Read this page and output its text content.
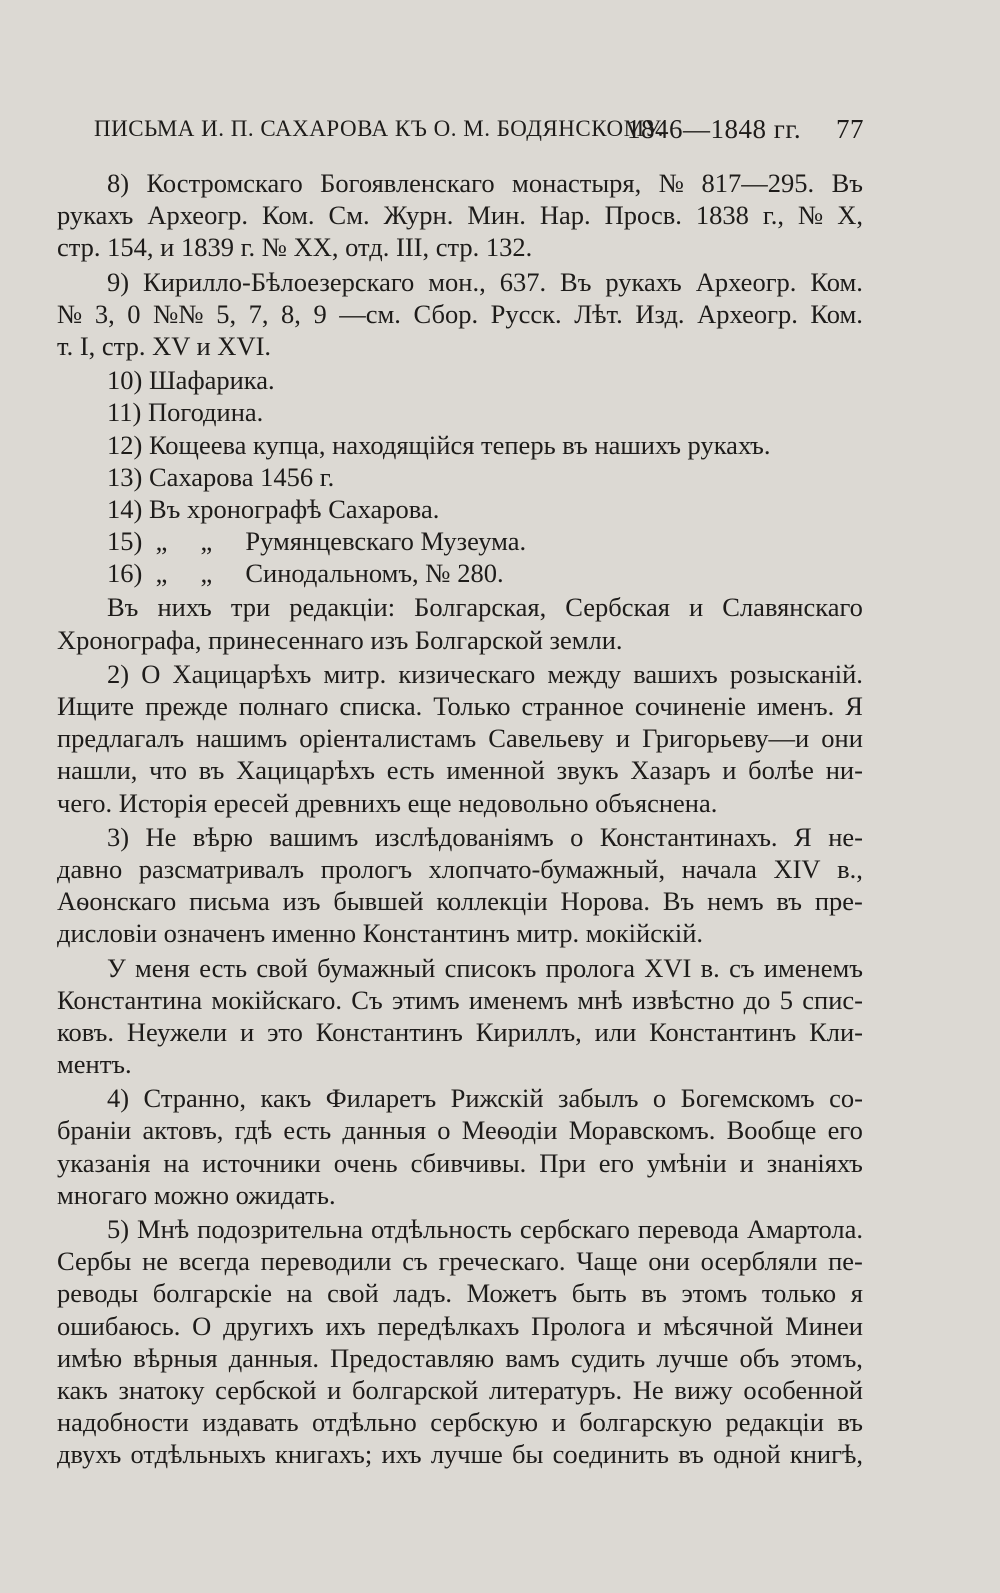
ПИСЬМА И. П. САХАРОВА КЪ О. М. БОДЯНСКОМУ.
1846—1848 гг. 77
8) Костромскаго Богоявленскаго монастыря, № 817—295. Въ
рукахъ Археогр. Ком. См. Журн. Мин. Нар. Просв. 1838 г., № X,
стр. 154, и 1839 г. № XX, отд. III, стр. 132.
9) Кирилло-Бѣлоезерскаго мон., 637. Въ рукахъ Археогр. Ком.
№ 3, 0 №№ 5, 7, 8, 9 —см. Сбор. Русск. Лѣт. Изд. Археогр. Ком.
т. I, стр. XV и XVI.
10) Шафарика.
11) Погодина.
12) Кощеева купца, находящійся теперь въ нашихъ рукахъ.
13) Сахарова 1456 г.
14) Въ хронографѣ Сахарова.
15)  „     „     Румянцевскаго Музеума.
16)  „     „     Синодальномъ, № 280.
Въ нихъ три редакціи: Болгарская, Сербская и Славянскаго
Хронографа, принесеннаго изъ Болгарской земли.
2) О Хацицарѣхъ митр. кизическаго между вашихъ розысканій.
Ищите прежде полнаго списка. Только странное сочиненіе именъ. Я
предлагалъ нашимъ оріенталистамъ Савельеву и Григорьеву—и они
нашли, что въ Хацицарѣхъ есть именной звукъ Хазаръ и болѣе ни-
чего. Исторія ересей древнихъ еще недовольно объяснена.
3) Не вѣрю вашимъ изслѣдованіямъ о Константинахъ. Я не-
давно разсматривалъ прологъ хлопчато-бумажный, начала XIV в.,
Аѳонскаго письма изъ бывшей коллекціи Норова. Въ немъ въ пре-
дисловіи означенъ именно Константинъ митр. мокійскій.
У меня есть свой бумажный списокъ пролога XVI в. съ именемъ
Константина мокійскаго. Съ этимъ именемъ мнѣ извѣстно до 5 спис-
ковъ. Неужели и это Константинъ Кириллъ, или Константинъ Кли-
ментъ.
4) Странно, какъ Филаретъ Рижскій забылъ о Богемскомъ со-
браніи актовъ, гдѣ есть данныя о Меѳодіи Моравскомъ. Вообще его
указанія на источники очень сбивчивы. При его умѣніи и знаніяхъ
многаго можно ожидать.
5) Мнѣ подозрительна отдѣльность сербскаго перевода Амартола.
Сербы не всегда переводили съ греческаго. Чаще они осербляли пе-
реводы болгарскіе на свой ладъ. Можетъ быть въ этомъ только я
ошибаюсь. О другихъ ихъ передѣлкахъ Пролога и мѣсячной Минеи
имѣю вѣрныя данныя. Предоставляю вамъ судить лучше объ этомъ,
какъ знатоку сербской и болгарской литературъ. Не вижу особенной
надобности издавать отдѣльно сербскую и болгарскую редакціи въ
двухъ отдѣльныхъ книгахъ; ихъ лучше бы соединить въ одной книгѣ,
